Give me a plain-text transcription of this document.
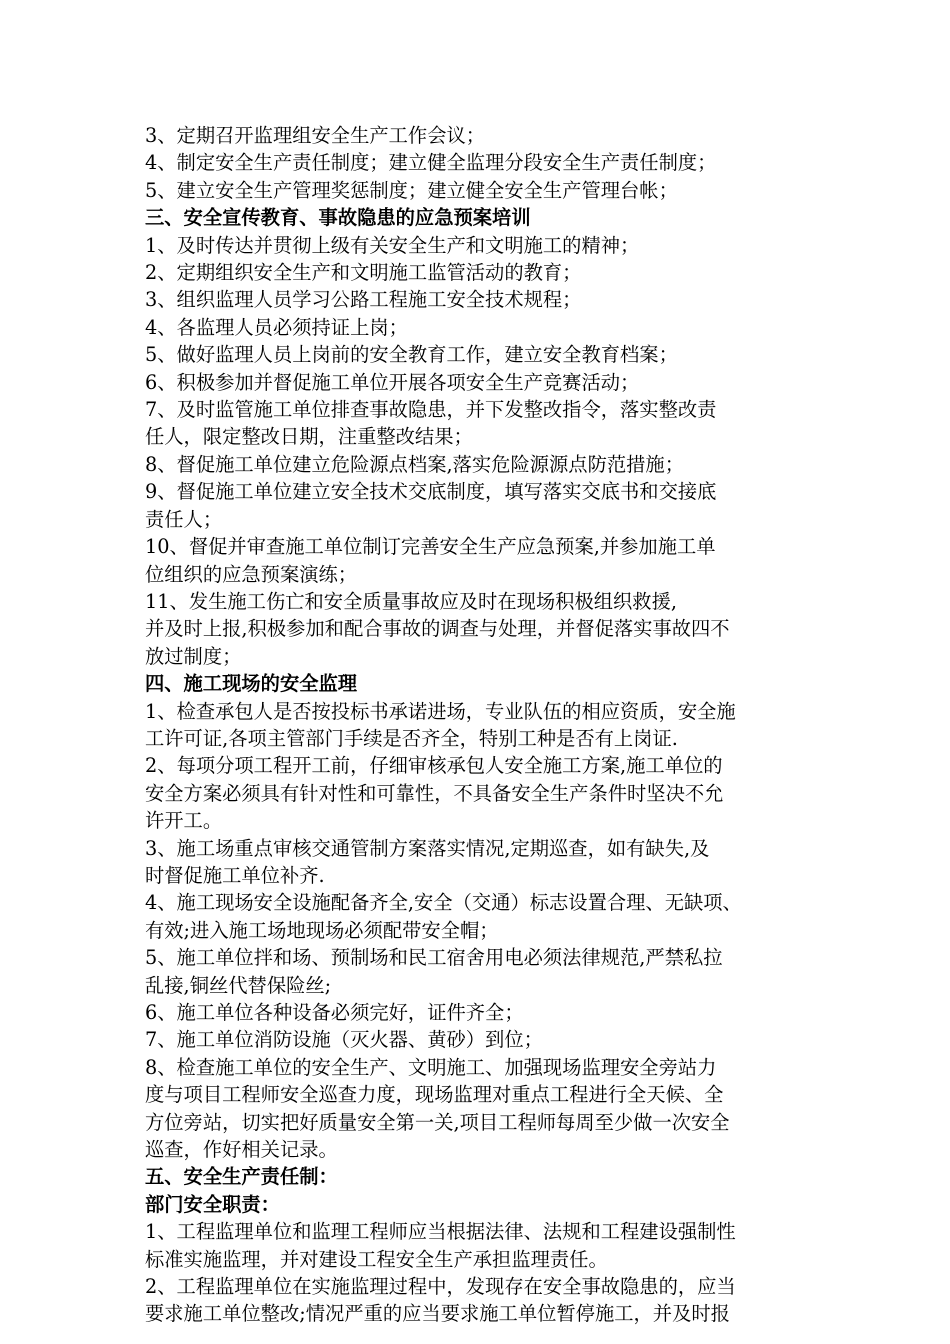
3、定期召开监理组安全生产工作会议；
4、制定安全生产责任制度；建立健全监理分段安全生产责任制度；
5、建立安全生产管理奖惩制度；建立健全安全生产管理台帐；
三、安全宣传教育、事故隐患的应急预案培训
1、及时传达并贯彻上级有关安全生产和文明施工的精神；
2、定期组织安全生产和文明施工监管活动的教育；
3、组织监理人员学习公路工程施工安全技术规程；
4、各监理人员必须持证上岗；
5、做好监理人员上岗前的安全教育工作，建立安全教育档案；
6、积极参加并督促施工单位开展各项安全生产竞赛活动；
7、及时监管施工单位排查事故隐患，并下发整改指令，落实整改责
任人，限定整改日期，注重整改结果；
8、督促施工单位建立危险源点档案,落实危险源源点防范措施；
9、督促施工单位建立安全技术交底制度，填写落实交底书和交接底
责任人；
10、督促并审查施工单位制订完善安全生产应急预案,并参加施工单
位组织的应急预案演练；
11、发生施工伤亡和安全质量事故应及时在现场积极组织救援,
并及时上报,积极参加和配合事故的调查与处理，并督促落实事故四不
放过制度；
四、施工现场的安全监理
1、检查承包人是否按投标书承诺进场，专业队伍的相应资质，安全施
工许可证,各项主管部门手续是否齐全，特别工种是否有上岗证.
2、每项分项工程开工前，仔细审核承包人安全施工方案,施工单位的
安全方案必须具有针对性和可靠性，不具备安全生产条件时坚决不允
许开工。
3、施工场重点审核交通管制方案落实情况,定期巡查，如有缺失,及
时督促施工单位补齐.
4、施工现场安全设施配备齐全,安全（交通）标志设置合理、无缺项、
有效;进入施工场地现场必须配带安全帽；
5、施工单位拌和场、预制场和民工宿舍用电必须法律规范,严禁私拉
乱接,铜丝代替保险丝;
6、施工单位各种设备必须完好，证件齐全；
7、施工单位消防设施（灭火器、黄砂）到位；
8、检查施工单位的安全生产、文明施工、加强现场监理安全旁站力
度与项目工程师安全巡查力度，现场监理对重点工程进行全天候、全
方位旁站，切实把好质量安全第一关,项目工程师每周至少做一次安全
巡查，作好相关记录。
五、安全生产责任制：
部门安全职责：
1、工程监理单位和监理工程师应当根据法律、法规和工程建设强制性
标准实施监理，并对建设工程安全生产承担监理责任。
2、工程监理单位在实施监理过程中，发现存在安全事故隐患的，应当
要求施工单位整改;情况严重的应当要求施工单位暂停施工，并及时报
